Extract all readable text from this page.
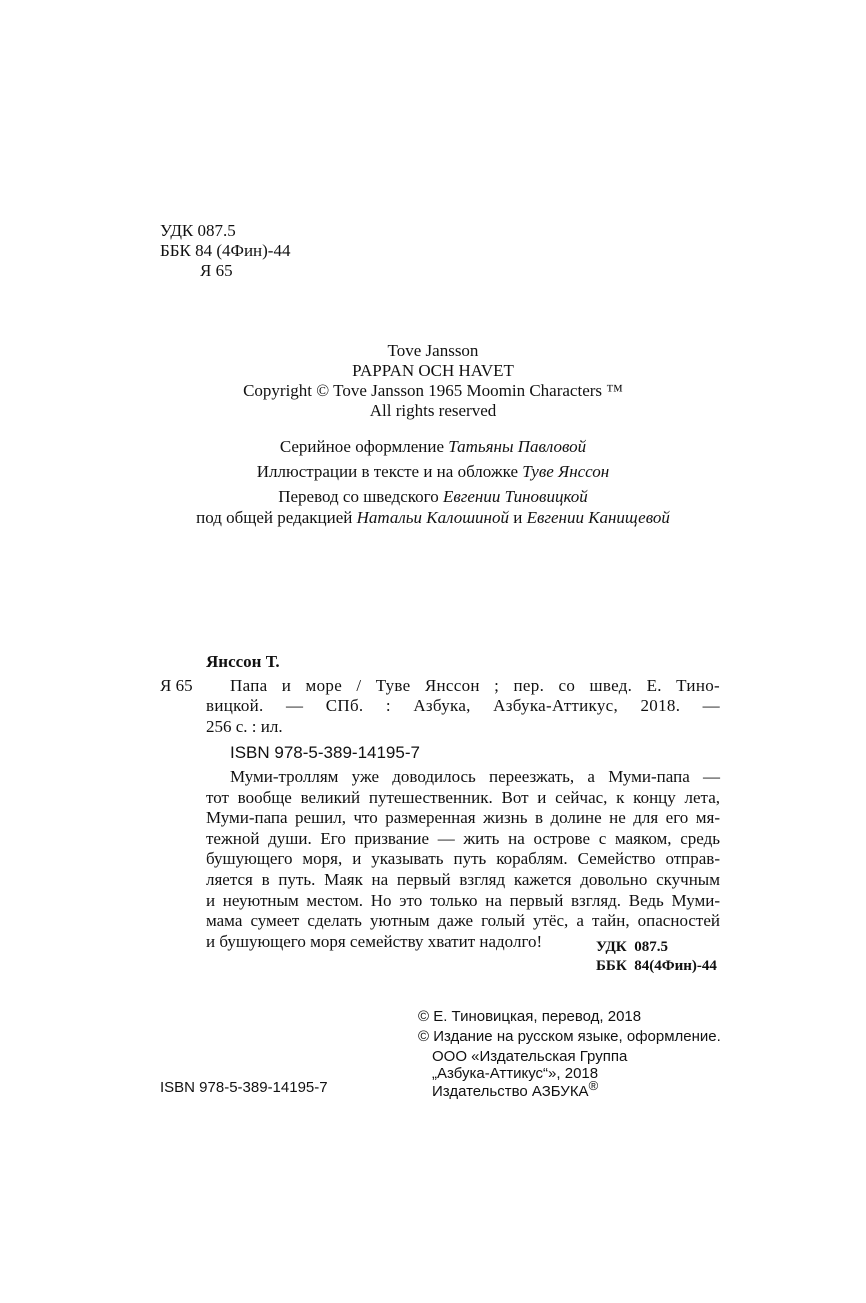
УДК 087.5
ББК 84 (4Фин)-44
Я 65
Tove Jansson
PAPPAN OCH HAVET
Copyright © Tove Jansson 1965 Moomin Characters ™
All rights reserved
Серийное оформление Татьяны Павловой
Иллюстрации в тексте и на обложке Туве Янссон
Перевод со шведского Евгении Тиновицкой
под общей редакцией Натальи Калошиной и Евгении Канищевой
Янссон Т.
Я 65 Папа и море / Туве Янссон ; пер. со швед. Е. Тино-
вицкой. — СПб. : Азбука, Азбука-Аттикус, 2018. —
256 с. : ил.
ISBN 978-5-389-14195-7
Муми-троллям уже доводилось переезжать, а Муми-папа —
тот вообще великий путешественник. Вот и сейчас, к концу лета,
Муми-папа решил, что размеренная жизнь в долине не для его мя-
тежной души. Его призвание — жить на острове с маяком, средь
бушующего моря, и указывать путь кораблям. Семейство отправ-
ляется в путь. Маяк на первый взгляд кажется довольно скучным
и неуютным местом. Но это только на первый взгляд. Ведь Муми-
мама сумеет сделать уютным даже голый утёс, а тайн, опасностей
и бушующего моря семейству хватит надолго!	УДК  087.5
ББК  84(4Фин)-44
ISBN 978-5-389-14195-7
© Е. Тиновицкая, перевод, 2018
© Издание на русском языке, оформление.
ООО «Издательская Группа
„Азбука-Аттикус“», 2018
Издательство АЗБУКА®
